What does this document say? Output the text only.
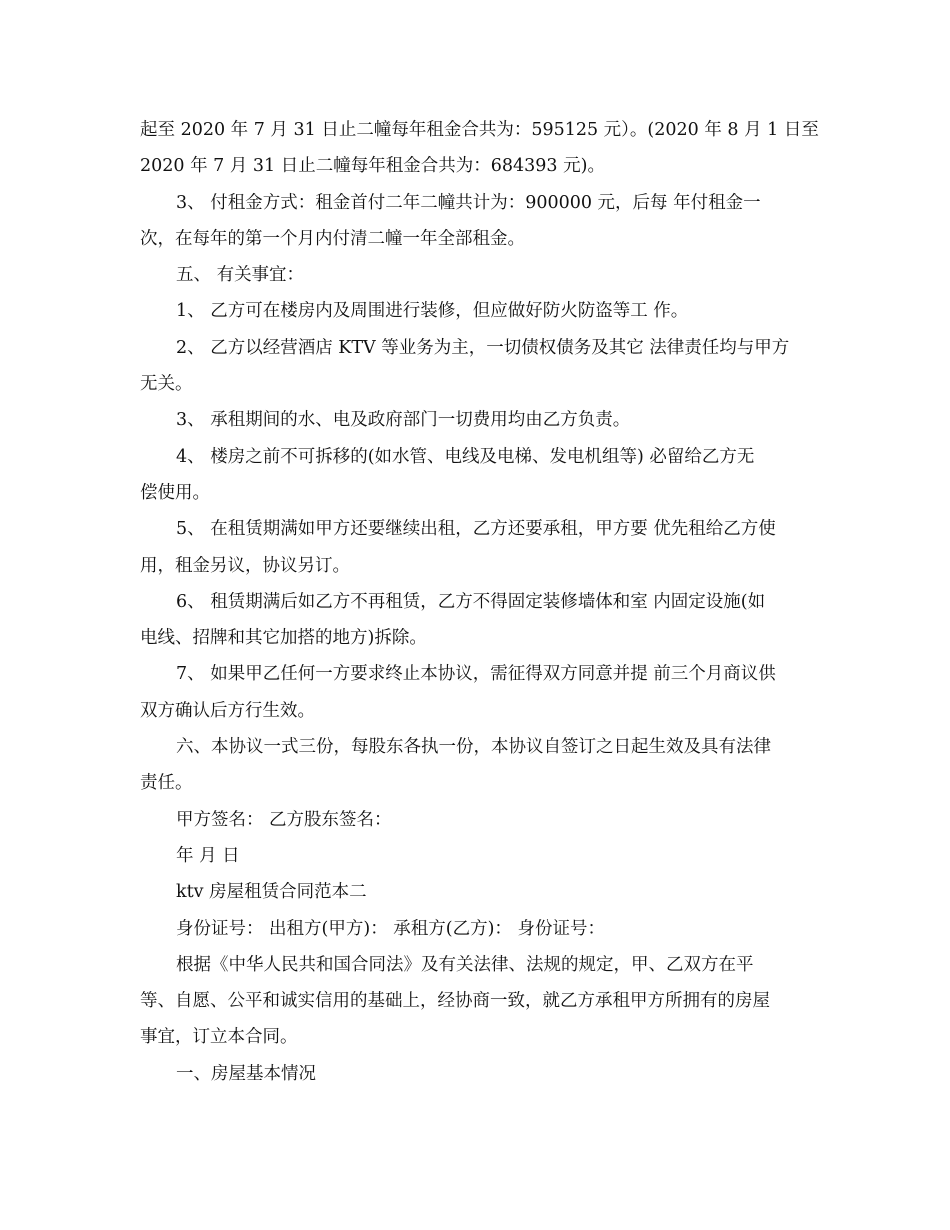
起至 2020 年 7 月 31 日止二幢每年租金合共为：595125 元）。(2020 年 8 月 1 日至
2020 年 7 月 31 日止二幢每年租金合共为：684393 元)。
3、 付租金方式：租金首付二年二幢共计为：900000 元，后每 年付租金一
次，在每年的第一个月内付清二幢一年全部租金。
五、 有关事宜：
1、 乙方可在楼房内及周围进行装修，但应做好防火防盗等工 作。
2、 乙方以经营酒店 KTV 等业务为主，一切债权债务及其它 法律责任均与甲方
无关。
3、 承租期间的水、电及政府部门一切费用均由乙方负责。
4、 楼房之前不可拆移的(如水管、电线及电梯、发电机组等) 必留给乙方无
偿使用。
5、 在租赁期满如甲方还要继续出租，乙方还要承租，甲方要 优先租给乙方使
用，租金另议，协议另订。
6、 租赁期满后如乙方不再租赁，乙方不得固定装修墙体和室 内固定设施(如
电线、招牌和其它加搭的地方)拆除。
7、 如果甲乙任何一方要求终止本协议，需征得双方同意并提 前三个月商议供
双方确认后方行生效。
六、本协议一式三份，每股东各执一份，本协议自签订之日起生效及具有法律
责任。
甲方签名： 乙方股东签名：
年 月 日
ktv 房屋租赁合同范本二
身份证号： 出租方(甲方)： 承租方(乙方)： 身份证号：
根据《中华人民共和国合同法》及有关法律、法规的规定，甲、乙双方在平
等、自愿、公平和诚实信用的基础上，经协商一致，就乙方承租甲方所拥有的房屋
事宜，订立本合同。
一、房屋基本情况
